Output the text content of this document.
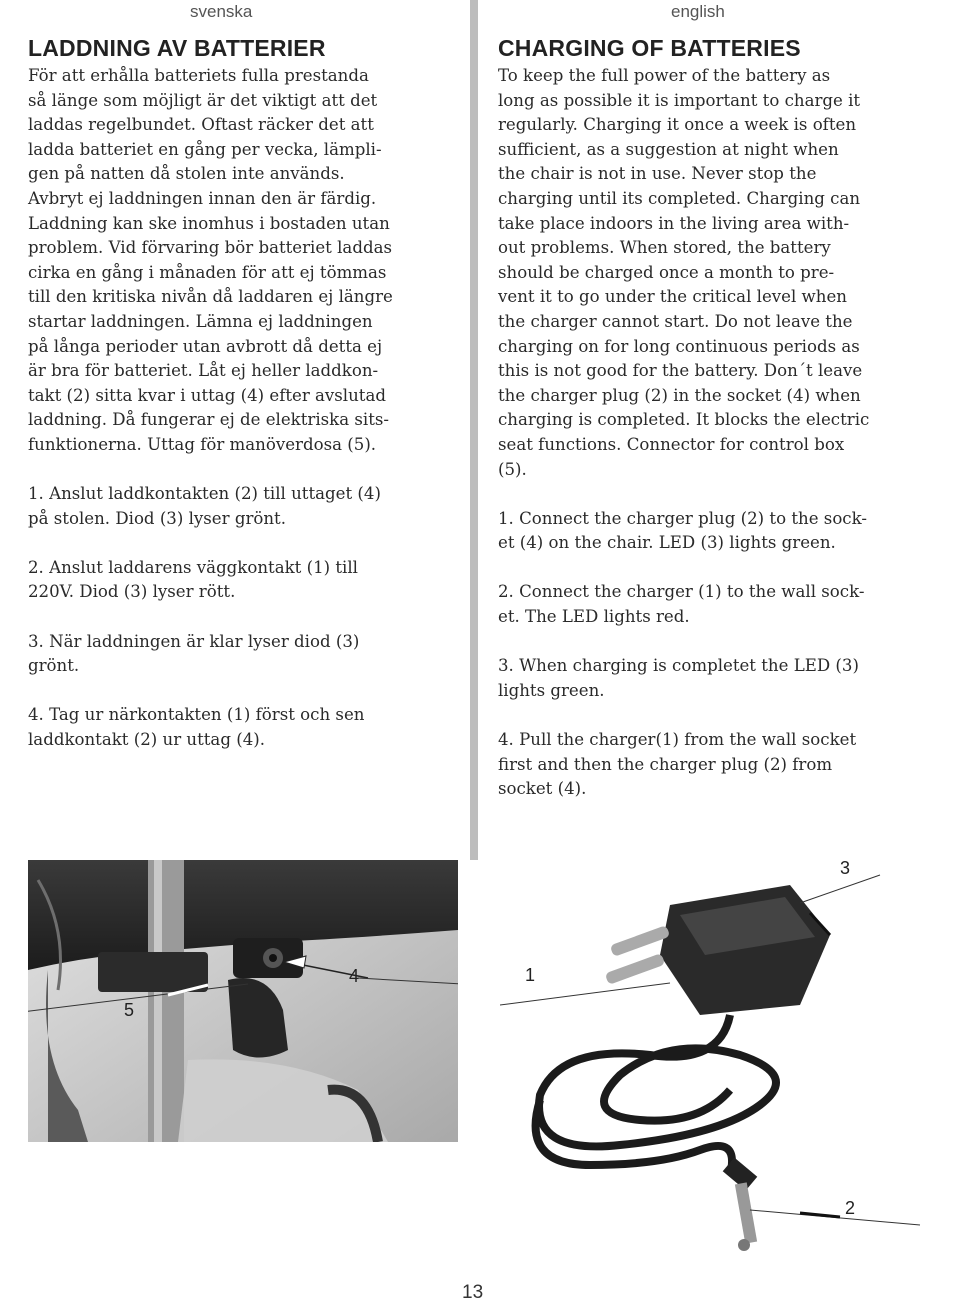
svenska
LADDNING AV BATTERIER

För att erhålla batteriets fulla prestanda
så länge som möjligt är det viktigt att det
laddas regelbundet. Oftast räcker det att
ladda batteriet en gång per vecka, lämpli-
gen på natten då stolen inte används.
Avbryt ej laddningen innan den är färdig.
Laddning kan ske inomhus i bostaden utan
problem. Vid förvaring bör batteriet laddas
cirka en gång i månaden för att ej tömmas
till den kritiska nivån då laddaren ej längre
startar laddningen. Lämna ej laddningen
på långa perioder utan avbrott då detta ej
är bra för batteriet. Låt ej heller laddkon-
takt (2) sitta kvar i uttag (4) efter avslutad
laddning. Då fungerar ej de elektriska sits-
funktionerna. Uttag för manöverdosa (5).

1. Anslut laddkontakten (2) till uttaget (4)
på stolen. Diod (3) lyser grönt.

2. Anslut laddarens väggkontakt (1) till
220V. Diod (3) lyser rött.

3. När laddningen är klar lyser diod (3)
grönt.

4. Tag ur närkontakten (1) först och sen
laddkontakt (2) ur uttag (4).

english
CHARGING OF BATTERIES

To keep the full power of the battery as
long as possible it is important to charge it
regularly. Charging it once a week is often
sufficient, as a suggestion at night when
the chair is not in use. Never stop the
charging until its completed. Charging can
take place indoors in the living area with-
out problems. When stored, the battery
should be charged once a month to pre-
vent it to go under the critical level when
the charger cannot start. Do not leave the
charging on for long continuous periods as
this is not good for the battery. Don´t leave
the charger plug (2) in the socket (4) when
charging is completed. It blocks the electric
seat functions. Connector for control box
(5).

1. Connect the charger plug (2) to the sock-
et (4) on the chair. LED (3) lights green.

2. Connect the charger (1) to the wall sock-
et. The LED lights red.

3. When charging is completet the LED (3)
lights green.

4. Pull the charger(1) from the wall socket
first and then the charger plug (2) from
socket (4).

5
4
3
1
2
13
